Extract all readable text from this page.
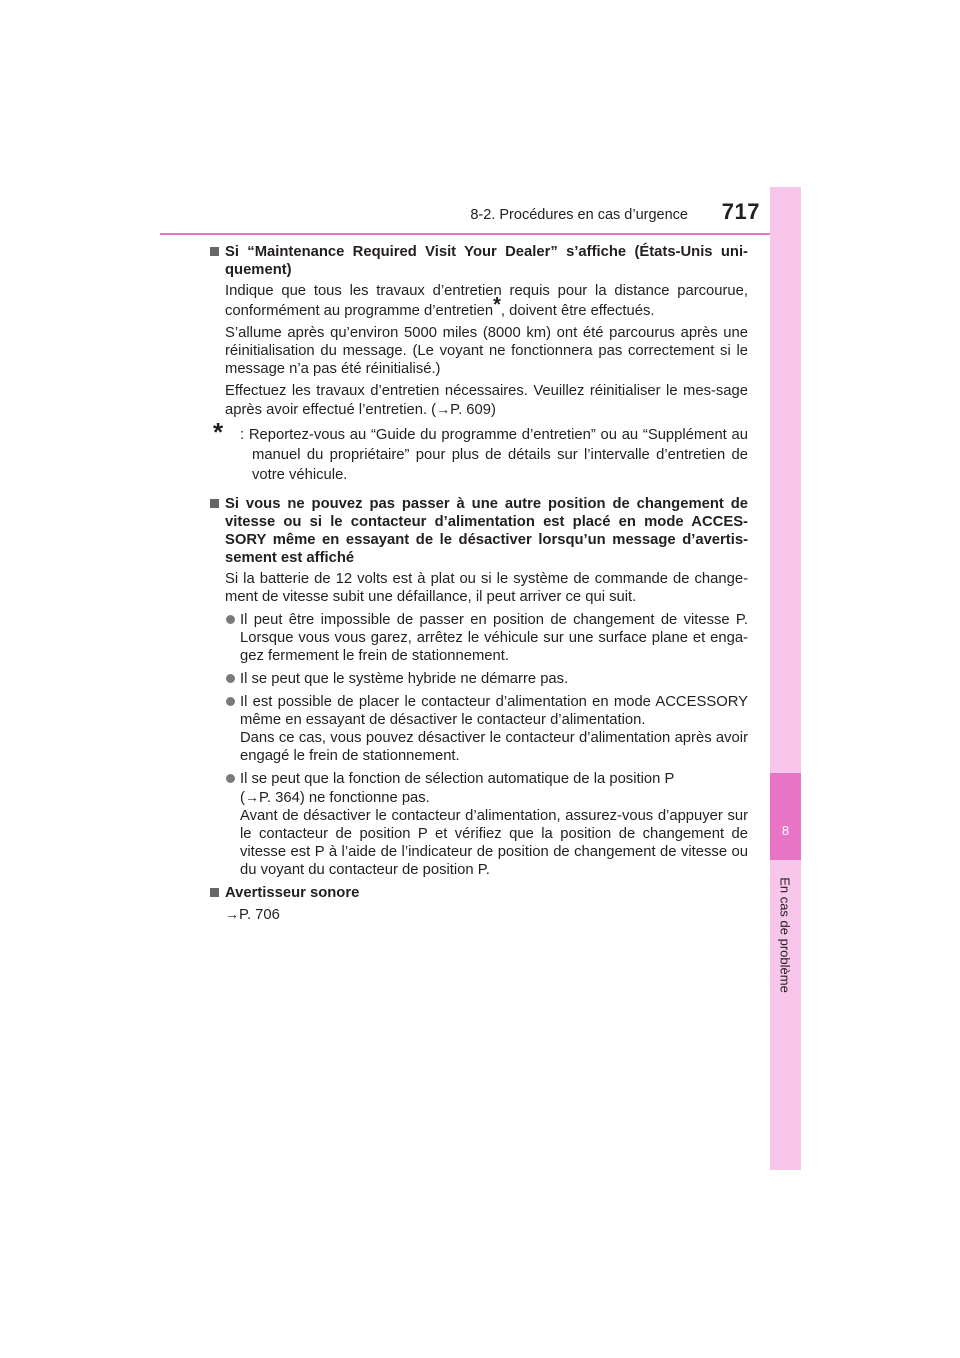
8-2. Procédures en cas d’urgence	717
8
En cas de problème

Si “Maintenance Required Visit Your Dealer” s’affiche (États-Unis uni-quement)

Indique que tous les travaux d’entretien requis pour la distance parcourue, conformément au programme d’entretien*, doivent être effectués.

S’allume après qu’environ 5000 miles (8000 km) ont été parcourus après une réinitialisation du message. (Le voyant ne fonctionnera pas correctement si le message n’a pas été réinitialisé.)

Effectuez les travaux d’entretien nécessaires. Veuillez réinitialiser le mes-sage après avoir effectué l’entretien. (→P. 609)

* : Reportez-vous au “Guide du programme d’entretien” ou au “Supplément au manuel du propriétaire” pour plus de détails sur l’intervalle d’entretien de votre véhicule.

Si vous ne pouvez pas passer à une autre position de changement de vitesse ou si le contacteur d’alimentation est placé en mode ACCES-SORY même en essayant de le désactiver lorsqu’un message d’avertis-sement est affiché

Si la batterie de 12 volts est à plat ou si le système de commande de change-ment de vitesse subit une défaillance, il peut arriver ce qui suit.

Il peut être impossible de passer en position de changement de vitesse P. Lorsque vous vous garez, arrêtez le véhicule sur une surface plane et enga-gez fermement le frein de stationnement.
Il se peut que le système hybride ne démarre pas.
Il est possible de placer le contacteur d’alimentation en mode ACCESSORY même en essayant de désactiver le contacteur d’alimentation.
Dans ce cas, vous pouvez désactiver le contacteur d’alimentation après avoir engagé le frein de stationnement.
Il se peut que la fonction de sélection automatique de la position P
(→P. 364) ne fonctionne pas.
Avant de désactiver le contacteur d’alimentation, assurez-vous d’appuyer sur le contacteur de position P et vérifiez que la position de changement de vitesse est P à l’aide de l’indicateur de position de changement de vitesse ou du voyant du contacteur de position P.

Avertisseur sonore

→P. 706
